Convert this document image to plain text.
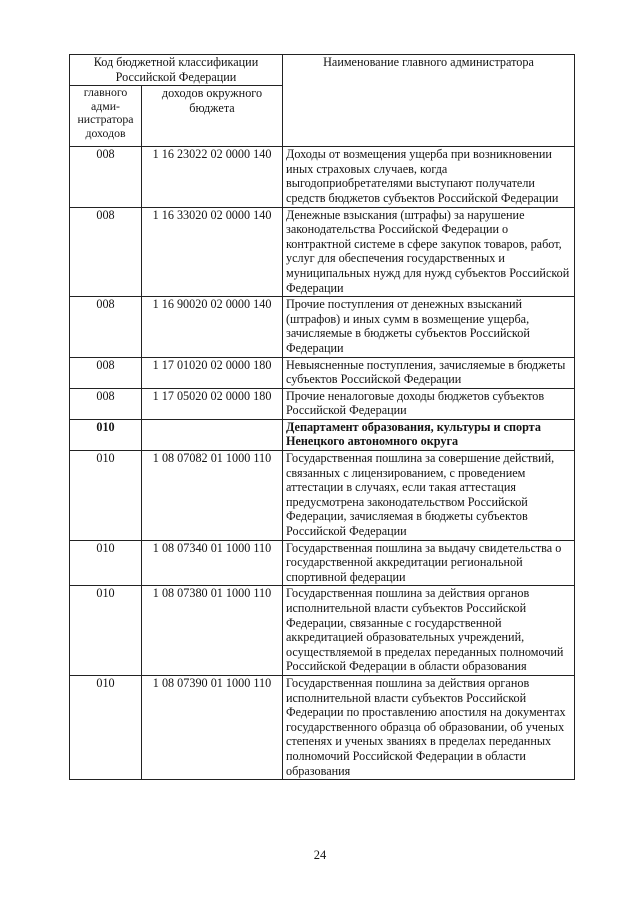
Код бюджетной классификации Российской Федерации		Наименование главного администратора
главного адми-нистратора доходов	доходов окружного бюджета	
008	1 16 23022 02 0000 140	Доходы от возмещения ущерба при возникновении иных страховых случаев, когда выгодоприобретателями выступают получатели средств бюджетов субъектов Российской Федерации
008	1 16 33020 02 0000 140	Денежные взыскания (штрафы) за нарушение законодательства Российской Федерации о контрактной системе в сфере закупок товаров, работ, услуг для обеспечения государственных и муниципальных нужд для нужд субъектов Российской Федерации
008	1 16 90020 02 0000 140	Прочие поступления от денежных взысканий (штрафов) и иных сумм в возмещение ущерба, зачисляемые в бюджеты субъектов Российской Федерации
008	1 17 01020 02 0000 180	Невыясненные поступления, зачисляемые в бюджеты субъектов Российской Федерации
008	1 17 05020 02 0000 180	Прочие неналоговые доходы бюджетов субъектов Российской Федерации
010		Департамент образования, культуры и спорта Ненецкого автономного округа
010	1 08 07082 01 1000 110	Государственная пошлина за совершение действий, связанных с лицензированием, с проведением аттестации в случаях, если такая аттестация предусмотрена законодательством Российской Федерации, зачисляемая в бюджеты субъектов Российской Федерации
010	1 08 07340 01 1000 110	Государственная пошлина за выдачу свидетельства о государственной аккредитации региональной спортивной федерации
010	1 08 07380 01 1000 110	Государственная пошлина за действия органов исполнительной власти субъектов Российской Федерации, связанные с государственной аккредитацией образовательных учреждений, осуществляемой в пределах переданных полномочий Российской Федерации в области образования
010	1 08 07390 01 1000 110	Государственная пошлина за действия органов исполнительной власти субъектов Российской Федерации по проставлению апостиля на документах государственного образца об образовании, об ученых степенях и ученых званиях в пределах переданных полномочий Российской Федерации в области образования
24
